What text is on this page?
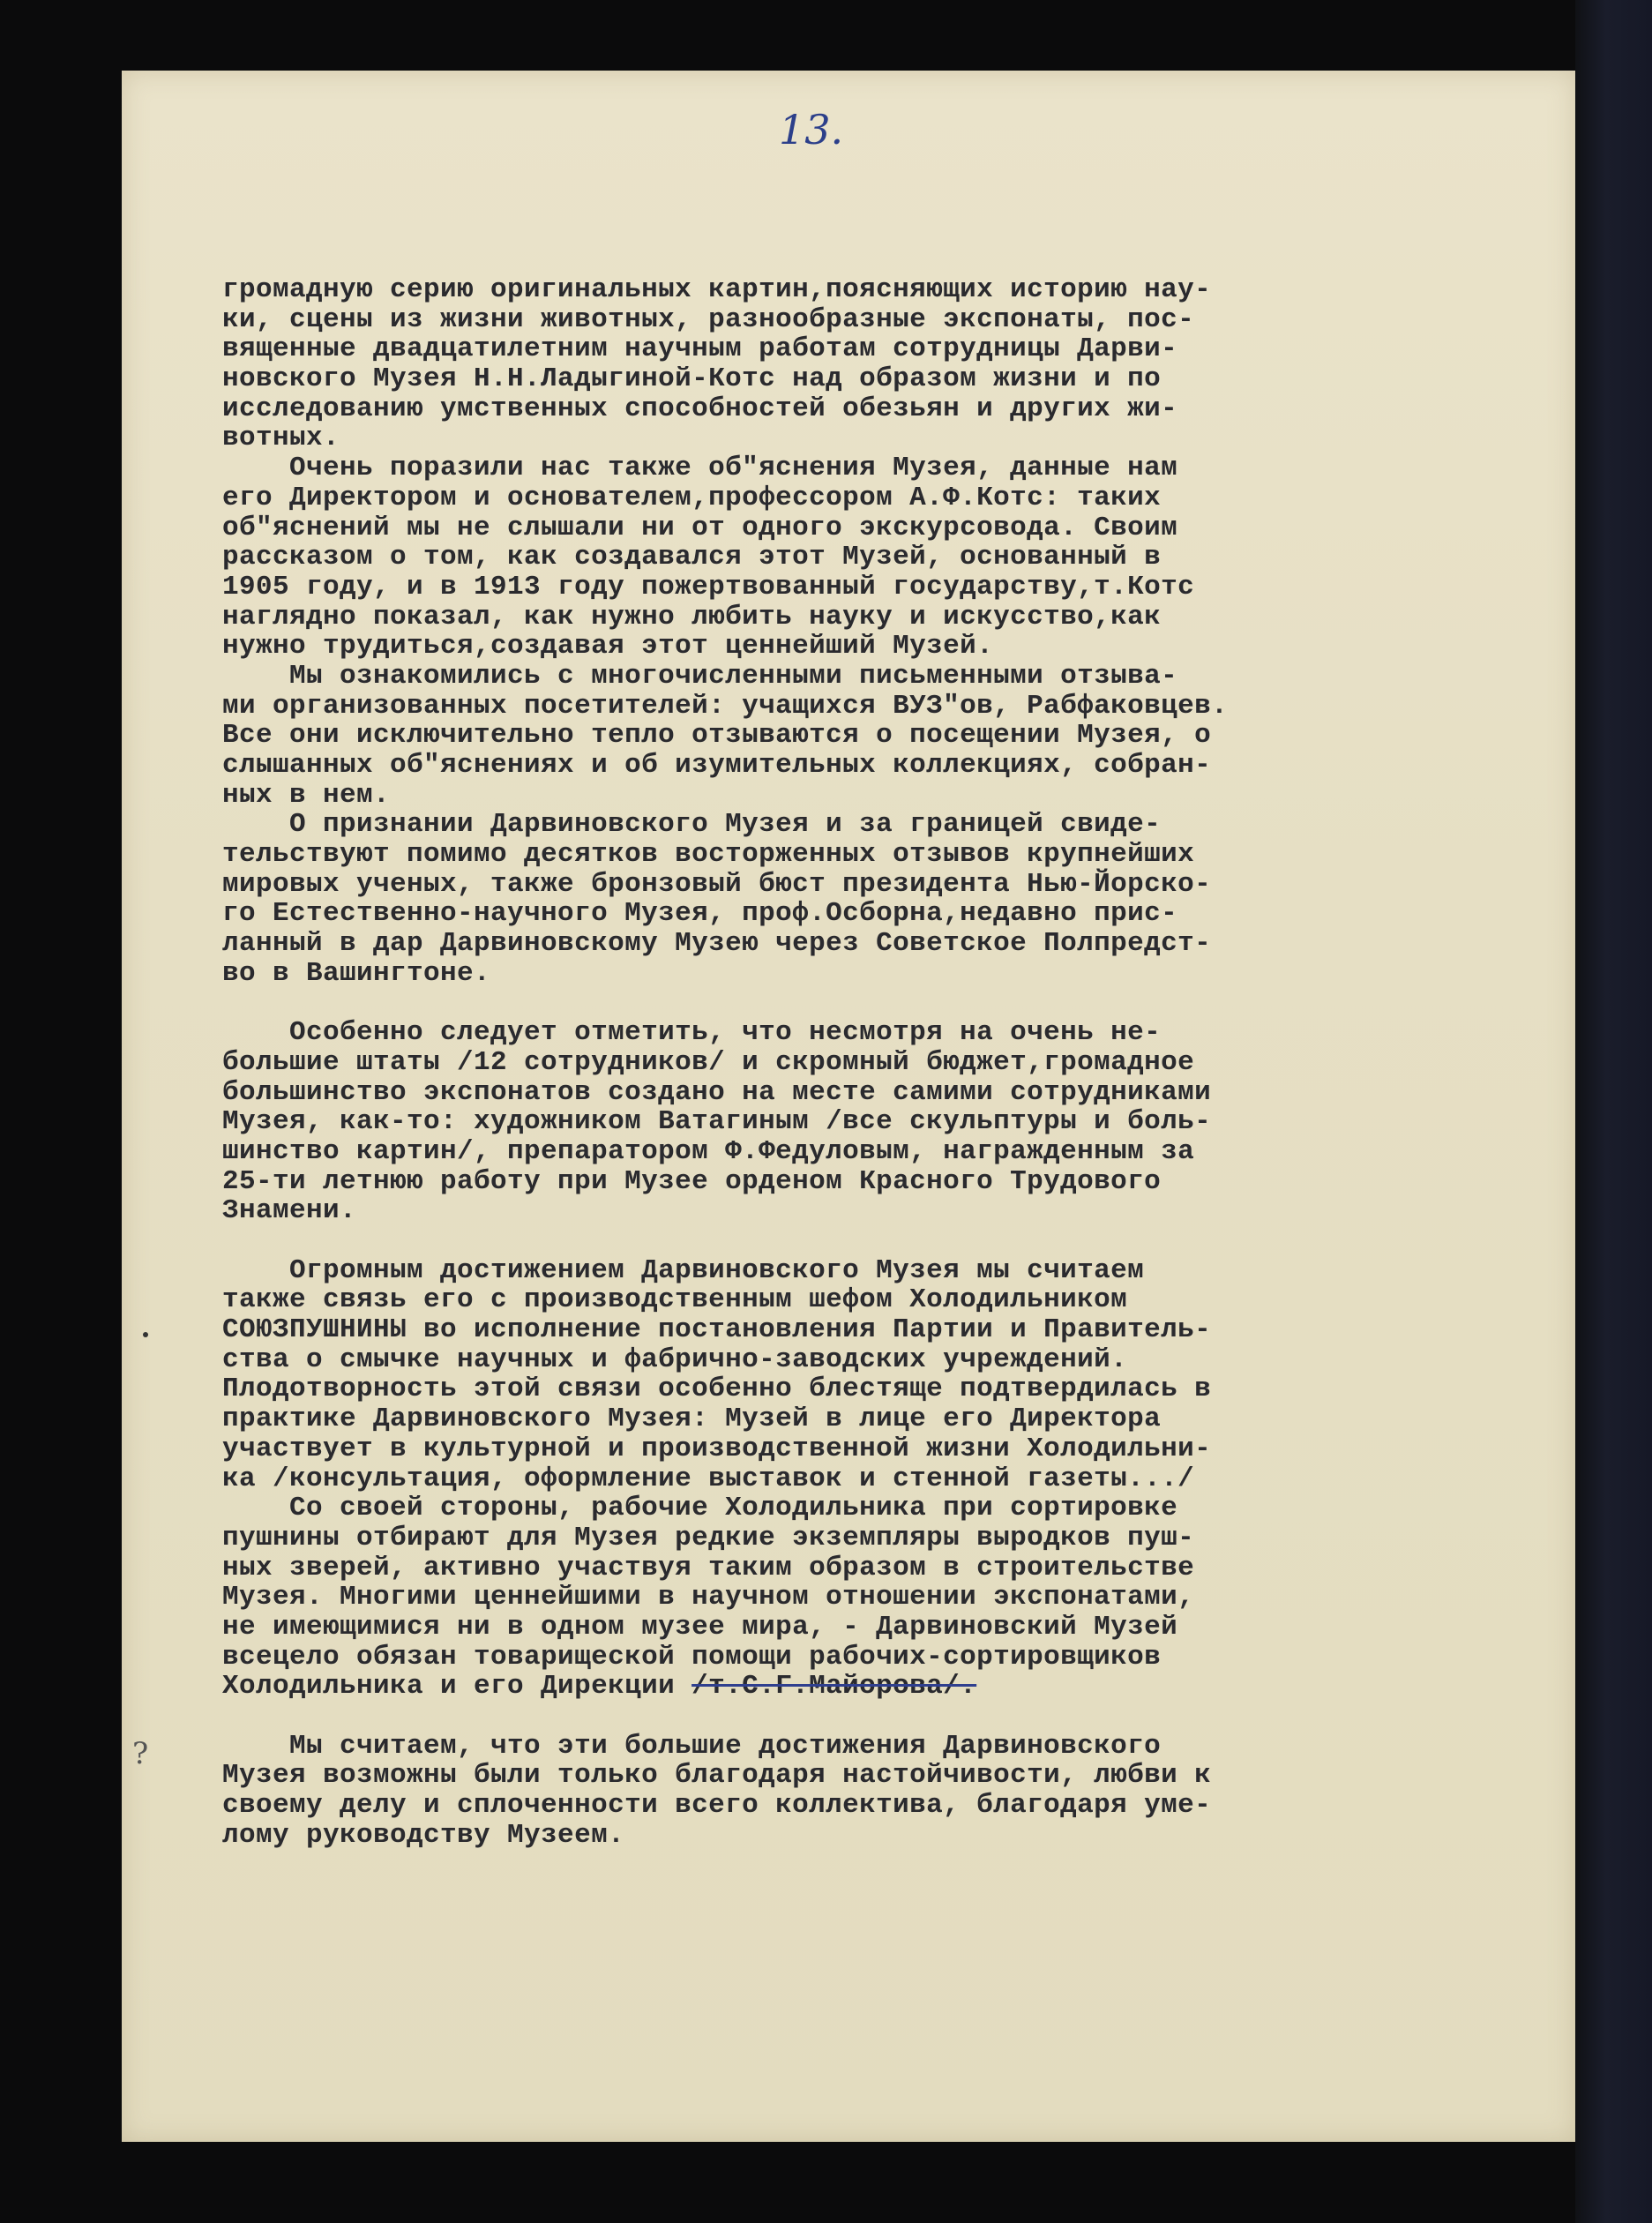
13.
?
громадную серию оригинальных картин,поясняющих историю нау-
ки, сцены из жизни животных, разнообразные экспонаты, пос-
вященные двадцатилетним научным работам сотрудницы Дарви-
новского Музея Н.Н.Ладыгиной-Котс над образом жизни и по
исследованию умственных способностей обезьян и других жи-
вотных.
Очень поразили нас также об"яснения Музея, данные нам
его Директором и основателем,профессором А.Ф.Котс: таких
об"яснений мы не слышали ни от одного экскурсовода. Своим
рассказом о том, как создавался этот Музей, основанный в
1905 году, и в 1913 году пожертвованный государству,т.Котс
наглядно показал, как нужно любить науку и искусство,как
нужно трудиться,создавая этот ценнейший Музей.
Мы ознакомились с многочисленными письменными отзыва-
ми организованных посетителей: учащихся ВУЗ"ов, Рабфаковцев.
Все они исключительно тепло отзываются о посещении Музея, о
слышанных об"яснениях и об изумительных коллекциях, собран-
ных в нем.
О признании Дарвиновского Музея и за границей свиде-
тельствуют помимо десятков восторженных отзывов крупнейших
мировых ученых, также бронзовый бюст президента Нью-Йорско-
го Естественно-научного Музея, проф.Осборна,недавно прис-
ланный в дар Дарвиновскому Музею через Советское Полпредст-
во в Вашингтоне.
Особенно следует отметить, что несмотря на очень не-
большие штаты /12 сотрудников/ и скромный бюджет,громадное
большинство экспонатов создано на месте самими сотрудниками
Музея, как-то: художником Ватагиным /все скульптуры и боль-
шинство картин/, препаратором Ф.Федуловым, награжденным за
25-ти летнюю работу при Музее орденом Красного Трудового
Знамени.
Огромным достижением Дарвиновского Музея мы считаем
также связь его с производственным шефом Холодильником
СОЮЗПУШНИНЫ во исполнение постановления Партии и Правитель-
ства о смычке научных и фабрично-заводских учреждений.
Плодотворность этой связи особенно блестяще подтвердилась в
практике Дарвиновского Музея: Музей в лице его Директора
участвует в культурной и производственной жизни Холодильни-
ка /консультация, оформление выставок и стенной газеты.../
Со своей стороны, рабочие Холодильника при сортировке
пушнины отбирают для Музея редкие экземпляры выродков пуш-
ных зверей, активно участвуя таким образом в строительстве
Музея. Многими ценнейшими в научном отношении экспонатами,
не имеющимися ни в одном музее мира, - Дарвиновский Музей
всецело обязан товарищеской помощи рабочих-сортировщиков
Холодильника и его Дирекции /т.С.Г.Майорова/.
Мы считаем, что эти большие достижения Дарвиновского
Музея возможны были только благодаря настойчивости, любви к
своему делу и сплоченности всего коллектива, благодаря уме-
лому руководству Музеем.
